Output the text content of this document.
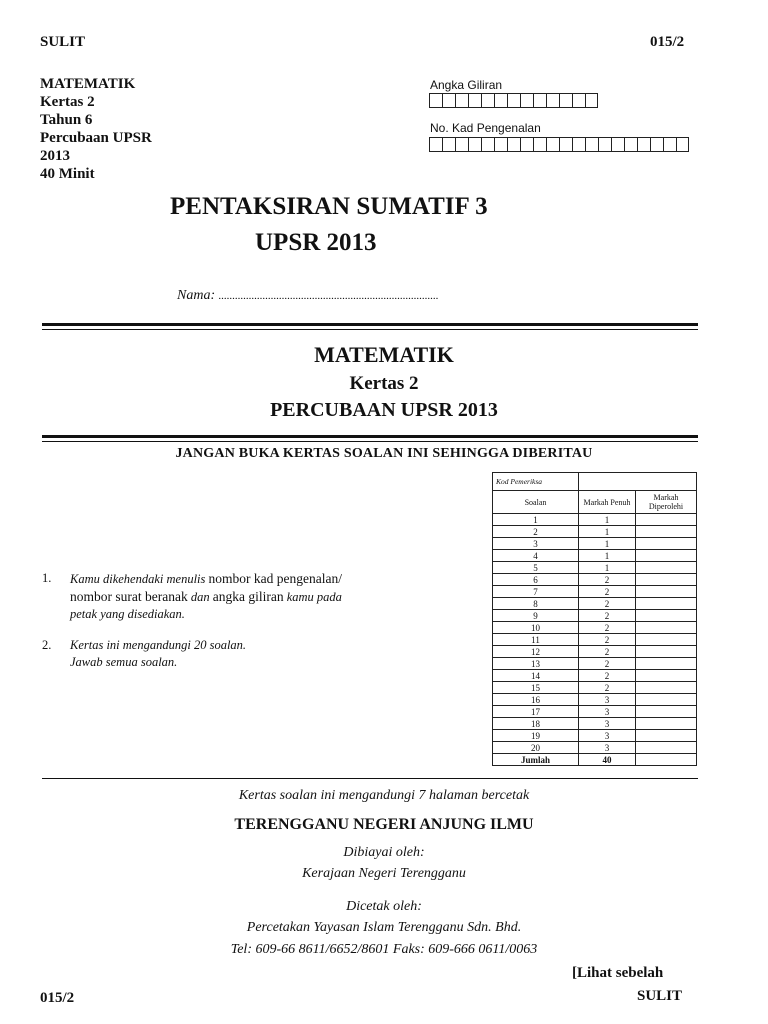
SULIT	015/2
MATEMATIK
Kertas 2
Tahun 6
Percubaan UPSR
2013
40 Minit
Angka Giliran
No. Kad Pengenalan
PENTAKSIRAN SUMATIF 3
UPSR 2013
Nama: ................................................................................
MATEMATIK
Kertas 2
PERCUBAAN UPSR 2013
JANGAN BUKA KERTAS SOALAN INI SEHINGGA DIBERITAU
1. Kamu dikehendaki menulis nombor kad pengenalan/
nombor surat beranak dan angka giliran kamu pada
petak yang disediakan.
2. Kertas ini mengandungi 20 soalan.
Jawab semua soalan.
Kod Pemeriksa		
Soalan	Markah Penuh	Markah Diperolehi
1	1	
2	1	
3	1	
4	1	
5	1	
6	2	
7	2	
8	2	
9	2	
10	2	
11	2	
12	2	
13	2	
14	2	
15	2	
16	3	
17	3	
18	3	
19	3	
20	3	
Jumlah	40	
Kertas soalan ini mengandungi 7 halaman bercetak
TERENGGANU NEGERI ANJUNG ILMU
Dibiayai oleh:
Kerajaan Negeri Terengganu
Dicetak oleh:
Percetakan Yayasan Islam Terengganu Sdn. Bhd.
Tel: 609-66 8611/6652/8601 Faks: 609-666 0611/0063
[Lihat sebelah
015/2	SULIT
